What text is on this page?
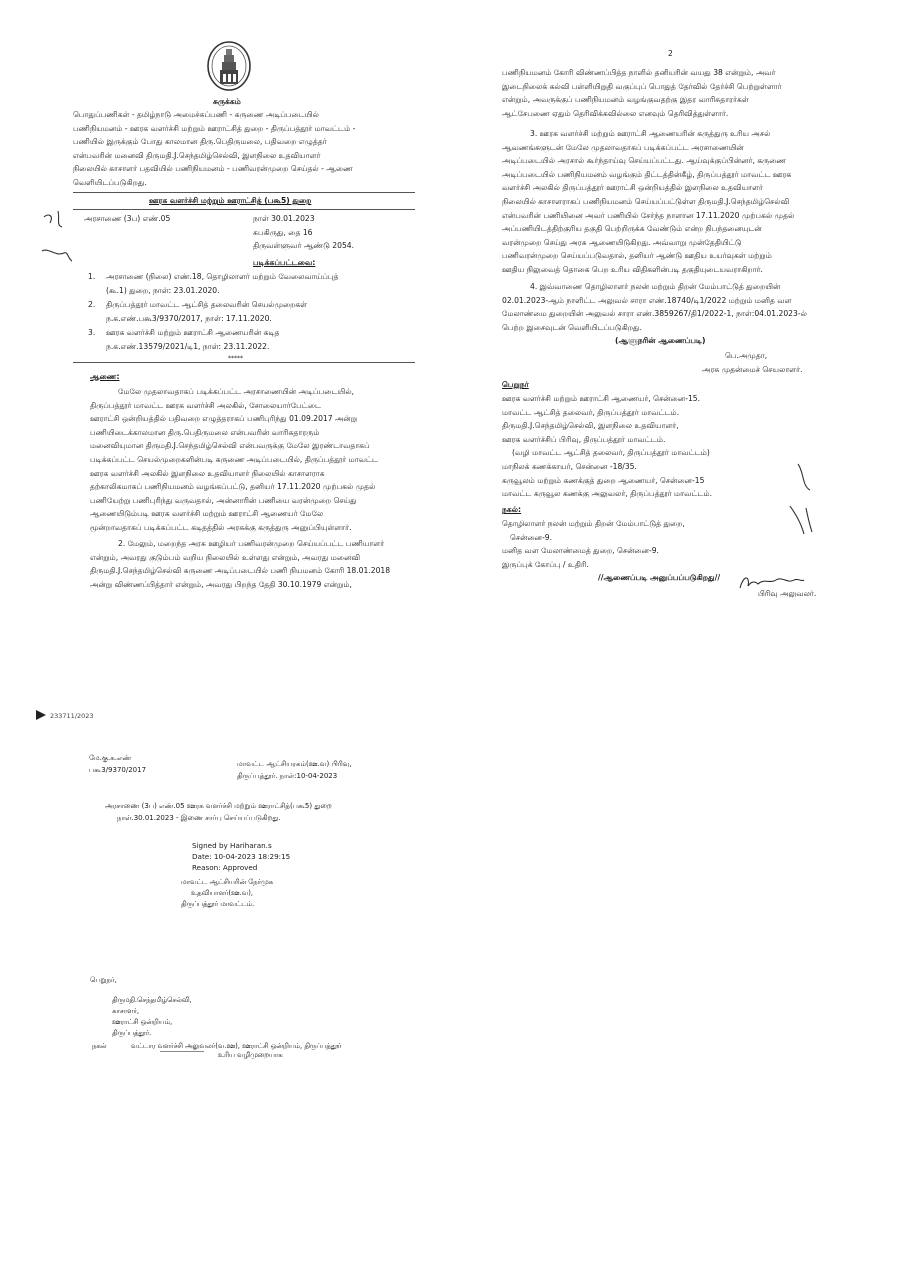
சுருக்கம்
பொதுப்பணிகள் - தமிழ்நாடு அமைச்சுப்பணி - கருணை அடிப்படையில்
பணிநியமனம் - ஊரக வளர்ச்சி மற்றும் ஊராட்சித் துறை - திருப்பத்தூர் மாவட்டம் -
பணியில் இருக்கும் போது காலமான திரு.பெதிருமலை, பதிவறை எழுத்தர்
என்பவரின் மனைவி திருமதி.J.செந்தமிழ்செல்வி, இளநிலை உதவியாளர்
நிலையில் காசாளர் பதவியில் பணிநியமனம் - பணிவரன்முறை செய்தல் - ஆணை
வெளியிடப்படுகிறது.
ஊரக வளர்ச்சி மற்றும் ஊராட்சித் (பகூ5) துறை
அரசாணை (3ப) எண்.05	நாள் 30.01.2023
சுபகிருது, தை 16
திருவள்ளுவர் ஆண்டு 2054.
படிக்கப்பட்டவை:
1.	அரசாணை (நிலை) எண்.18, தொழிலாளர் மற்றும் வேலைவாய்ப்புத்
(கூ.1) துறை, நாள்: 23.01.2020.
2.	திருப்பத்தூர் மாவட்ட ஆட்சித் தலைவரின் செயல்முறைகள்
ந.க.எண்.பகூ3/9370/2017, நாள்: 17.11.2020.
3.	ஊரக வளர்ச்சி மற்றும் ஊராட்சி ஆணையரின் கடித
ந.க.எண்.13579/2021/டி1, நாள்: 23.11.2022.
*****
ஆணை:
மேலே முதலாவதாகப் படிக்கப்பட்ட அரசாணையின் அடிப்படையில்,
திருப்பத்தூர் மாவட்ட ஊரக வளர்ச்சி அலகில், சோலையார்பேட்டை
ஊராட்சி ஒன்றியத்தில் பதிவறை எழுத்தராகப் பணிபுரிந்து 01.09.2017 அன்று
பணியிடைக்காலமான திரு.பெதிருமலை என்பவரின் வாரிசுதாரரும்
மனைவியுமான திருமதி.J.செந்தமிழ்செல்வி என்பவருக்கு மேலே இரண்டாவதாகப்
படிக்கப்பட்ட செயல்முறைகளின்படி கருணை அடிப்படையில், திருப்பத்தூர் மாவட்ட
ஊரக வளர்ச்சி அலகில் இளநிலை உதவியாளர் நிலையில் காசாளராக
தற்காலிகமாகப் பணிநியமனம் வழங்கப்பட்டு, தனியர் 17.11.2020 முற்பகல் முதல்
பணியேற்று பணிபுரிந்து வருவதால், அன்னாரின் பணியை வரன்முறை செய்து
ஆணையிடும்படி ஊரக வளர்ச்சி மற்றும் ஊராட்சி ஆணையர் மேலே
மூன்றாவதாகப் படிக்கப்பட்ட கடிதத்தில் அரசுக்கு கருத்துரு அனுப்பியுள்ளார்.
2. மேலும், மறைந்த அரசு ஊழியர் பணிவரன்முறை செய்யப்பட்ட பணியாளர்
என்றும், அவரது குடும்பம் வறிய நிலையில் உள்ளது என்றும், அவரது மனைவி
திருமதி.J.செந்தமிழ்செல்வி கருணை அடிப்படையில் பணி நியமனம் கோரி 18.01.2018
அன்று விண்ணப்பித்தார் என்றும், அவரது பிறந்த தேதி 30.10.1979 என்றும்,
2
பணிநியமனம் கோரி விண்ணப்பித்த நாளில் தனியரின் வயது 38 என்றும், அவர்
இடைநிலைக் கல்வி பள்ளியிறுதி வகுப்புப் பொதுத் தேர்வில் தேர்ச்சி பெற்றுள்ளார்
என்றும், அவருக்குப் பணிநியமனம் வழங்குவதற்கு இதர வாரிசுதாரர்கள்
ஆட்சேபணை ஏதும் தெரிவிக்கவில்லை எனவும் தெரிவித்துள்ளார்.
3. ஊரக வளர்ச்சி மற்றும் ஊராட்சி ஆணையரின் கருத்துரு உரிய அசல்
ஆவணங்களுடன் மேலே முதலாவதாகப் படிக்கப்பட்ட அரசாணையின்
அடிப்படையில் அரசால் கூர்ந்தாய்வு செய்யப்பட்டது. ஆய்வுக்குப்பின்னர், கருணை
அடிப்படையில் பணிநியமனம் வழங்கும் திட்டத்தின்கீழ், திருப்பத்தூர் மாவட்ட ஊரக
வளர்ச்சி அலகில் திருப்பத்தூர் ஊராட்சி ஒன்றியத்தில் இளநிலை உதவியாளர்
நிலையில் காசாளராகப் பணிநியமனம் செய்யப்பட்டுள்ள திருமதி.J.செந்தமிழ்செல்வி
என்பவரின் பணியினை அவர் பணியில் சேர்ந்த நாளான 17.11.2020 முற்பகல் முதல்
அப்பணியிடத்திற்குரிய தகுதி பெற்றிருக்க வேண்டும் என்ற நிபந்தனையுடன்
வரன்முறை செய்து அரசு ஆணையிடுகிறது. அவ்வாறு முன்தேதியிட்டு
பணிவரன்முறை செய்யப்படுவதால், தனியர் ஆண்டு ஊதிய உயர்வுகள் மற்றும்
ஊதிய நிலுவைத் தொகை பெற உரிய விதிகளின்படி தகுதியுடையவராகிறார்.
4. இவ்வாணை தொழிலாளர் நலன் மற்றும் திறன் மேம்பாட்டுத் துறையின்
02.01.2023-ஆம் நாளிட்ட அலுவல் சாரா எண்.18740/டி1/2022 மற்றும் மனித வள
மேலாண்மை துறையின் அலுவல் சாரா எண்.3859267/தி1/2022-1, நாள்:04.01.2023-ல்
பெற்ற இசைவுடன் வெளியிடப்படுகிறது.
(ஆளுநரின் ஆணைப்படி)
பெ.அமுதா,
அரசு முதன்மைச் செயலாளர்.
பெறுநர்
ஊரக வளர்ச்சி மற்றும் ஊராட்சி ஆணையர், சென்னை-15.
மாவட்ட ஆட்சித் தலைவர், திருப்பத்தூர் மாவட்டம்.
திருமதி.J.செந்தமிழ்செல்வி, இளநிலை உதவியாளர்,
ஊரக வளர்ச்சிப் பிரிவு, திருப்பத்தூர் மாவட்டம்.
(வழி மாவட்ட ஆட்சித் தலைவர், திருப்பத்தூர் மாவட்டம்)
மாநிலக் கணக்காயர், சென்னை -18/35.
கருவூலம் மற்றும் கணக்குத் துறை ஆணையர், சென்னை-15
மாவட்ட கருவூல கணக்கு அலுவலர், திருப்பத்தூர் மாவட்டம்.
நகல்:
தொழிலாளர் நலன் மற்றும் திறன் மேம்பாட்டுத் துறை,
சென்னை-9.
மனித வள மேலாண்மைத் துறை, சென்னை-9.
இருப்புக் கோப்பு / உதிரி.
//ஆணைப்படி அனுப்பப்படுகிறது//
பிரிவு அலுவலர்.
233711/2023
மே.கு.க.எண்
பகூ3/9370/2017
மாவட்ட ஆட்சியரகம்(ஊ.வ) பிரிவு,
திருப்பத்தூர். நாள்:10-04-2023
அரசாணை (3ப) எண்.05 ஊரக வளர்ச்சி மற்றும் ஊராட்சித்(பகூ5) துறை
நாள்.30.01.2023 - இணை சார்பு செய்யப்படுகிறது.
Signed by Hariharan.s
Date: 10-04-2023 18:29:15
Reason: Approved
மாவட்ட ஆட்சியரின் நேர்முக
உதவியாளர்(ஊ.வ),
திருப்பத்தூர் மாவட்டம்.
பெறுநர்,
திருமதி.செந்தமிழ்செல்வி,
காசாளர்,
ஊராட்சி ஒன்றியம்,
திருப்பத்தூர்.
நகல்	வட்டார வளர்ச்சி அலுவலர்(வ.ஊ), ஊராட்சி ஒன்றியம், திருப்பத்தூர்
உரிய வழிமுறையாக
